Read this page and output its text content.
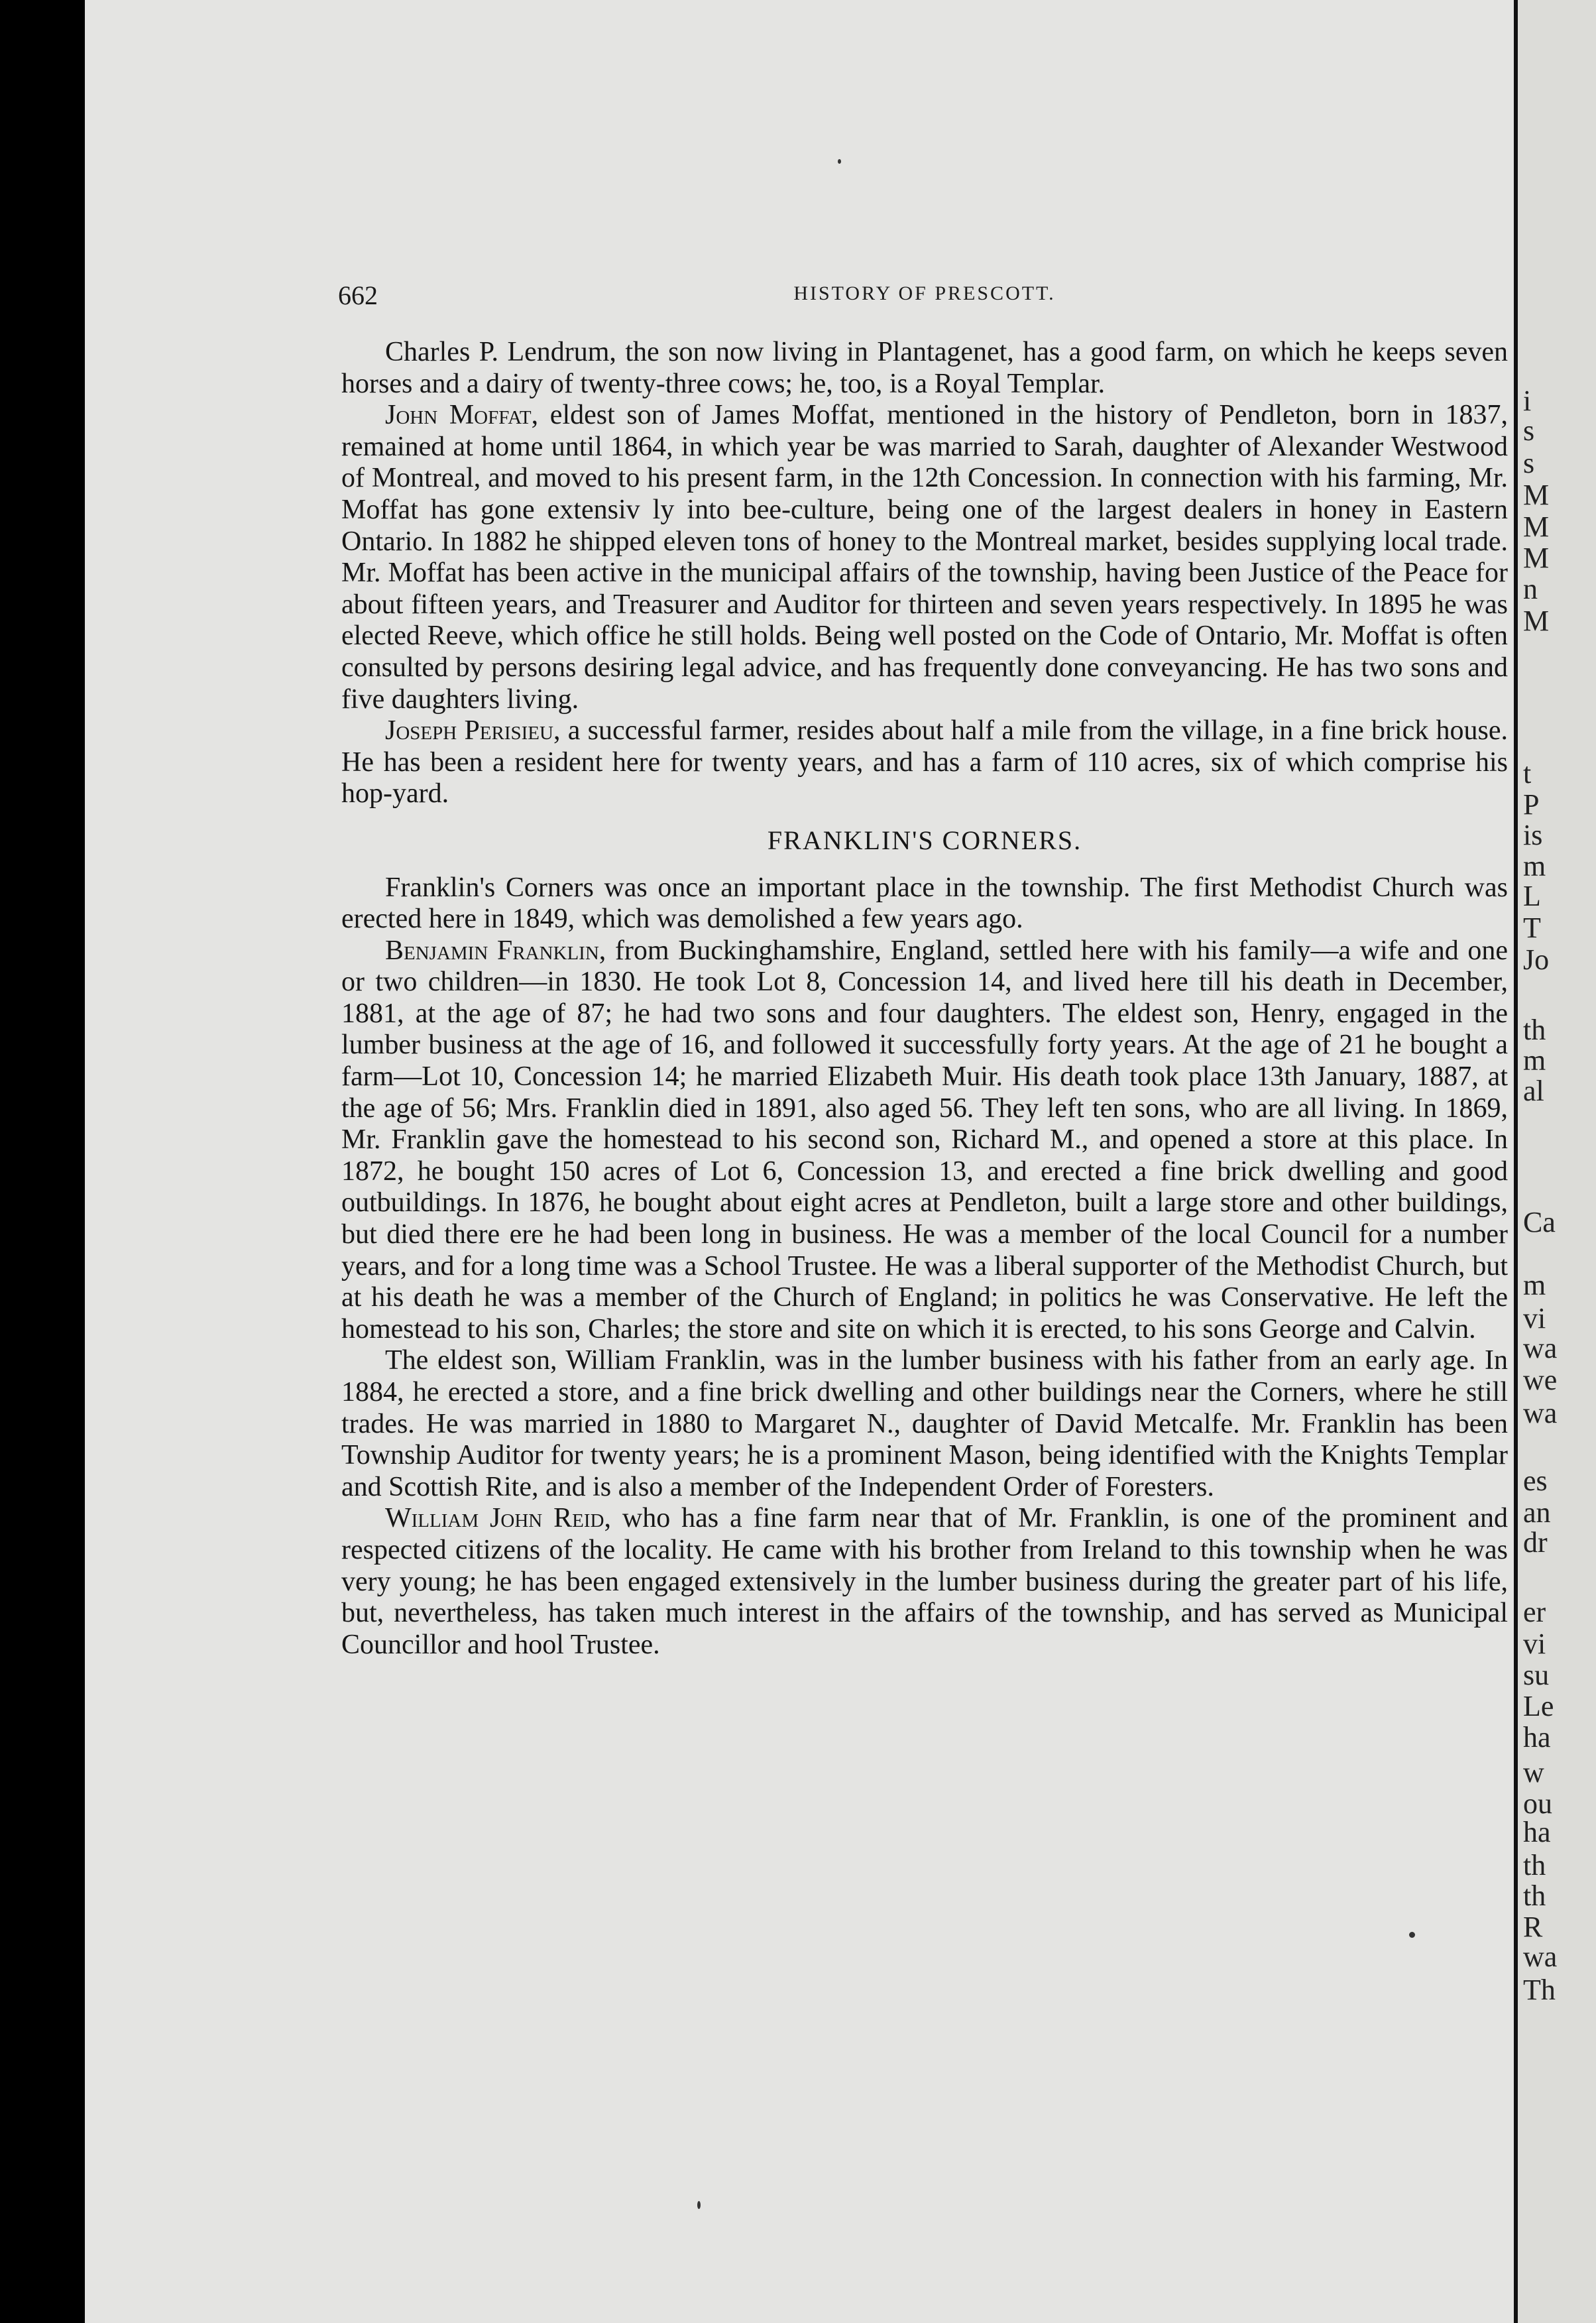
i
s
s
M
M
M
n
M
t
P
is
m
L
T
Jo
th
m
al
Ca
m
vi
wa
we
wa
es
an
dr
er
vi
su
Le
ha
w
ou
ha
th
th
R
wa
Th
662	HISTORY OF PRESCOTT.

Charles P. Lendrum, the son now living in Plantagenet, has a good farm, on which he keeps seven horses and a dairy of twenty-three cows; he, too, is a Royal Templar.

John Moffat, eldest son of James Moffat, mentioned in the history of Pendleton, born in 1837, remained at home until 1864, in which year be was married to Sarah, daughter of Alexander Westwood of Montreal, and moved to his present farm, in the 12th Concession. In connection with his farming, Mr. Moffat has gone extensiv ly into bee-culture, being one of the largest dealers in honey in Eastern Ontario. In 1882 he shipped eleven tons of honey to the Montreal market, besides supplying local trade. Mr. Moffat has been active in the municipal affairs of the township, having been Justice of the Peace for about fifteen years, and Treasurer and Auditor for thirteen and seven years respectively. In 1895 he was elected Reeve, which office he still holds. Being well posted on the Code of Ontario, Mr. Moffat is often consulted by persons desiring legal advice, and has frequently done conveyancing. He has two sons and five daughters living.

Joseph Perisieu, a successful farmer, resides about half a mile from the village, in a fine brick house. He has been a resident here for twenty years, and has a farm of 110 acres, six of which comprise his hop-yard.

FRANKLIN'S CORNERS.

Franklin's Corners was once an important place in the township. The first Methodist Church was erected here in 1849, which was demolished a few years ago.

Benjamin Franklin, from Buckinghamshire, England, settled here with his family—a wife and one or two children—in 1830. He took Lot 8, Concession 14, and lived here till his death in December, 1881, at the age of 87; he had two sons and four daughters. The eldest son, Henry, engaged in the lumber business at the age of 16, and followed it successfully forty years. At the age of 21 he bought a farm—Lot 10, Concession 14; he married Elizabeth Muir. His death took place 13th January, 1887, at the age of 56; Mrs. Franklin died in 1891, also aged 56. They left ten sons, who are all living. In 1869, Mr. Franklin gave the homestead to his second son, Richard M., and opened a store at this place. In 1872, he bought 150 acres of Lot 6, Concession 13, and erected a fine brick dwelling and good outbuildings. In 1876, he bought about eight acres at Pendleton, built a large store and other buildings, but died there ere he had been long in business. He was a member of the local Council for a number years, and for a long time was a School Trustee. He was a liberal supporter of the Methodist Church, but at his death he was a member of the Church of England; in politics he was Conservative. He left the homestead to his son, Charles; the store and site on which it is erected, to his sons George and Calvin.

The eldest son, William Franklin, was in the lumber business with his father from an early age. In 1884, he erected a store, and a fine brick dwelling and other buildings near the Corners, where he still trades. He was married in 1880 to Margaret N., daughter of David Metcalfe. Mr. Franklin has been Township Auditor for twenty years; he is a prominent Mason, being identified with the Knights Templar and Scottish Rite, and is also a member of the Independent Order of Foresters.

William John Reid, who has a fine farm near that of Mr. Franklin, is one of the prominent and respected citizens of the locality. He came with his brother from Ireland to this township when he was very young; he has been engaged extensively in the lumber business during the greater part of his life, but, nevertheless, has taken much interest in the affairs of the township, and has served as Municipal Councillor and hool Trustee.
